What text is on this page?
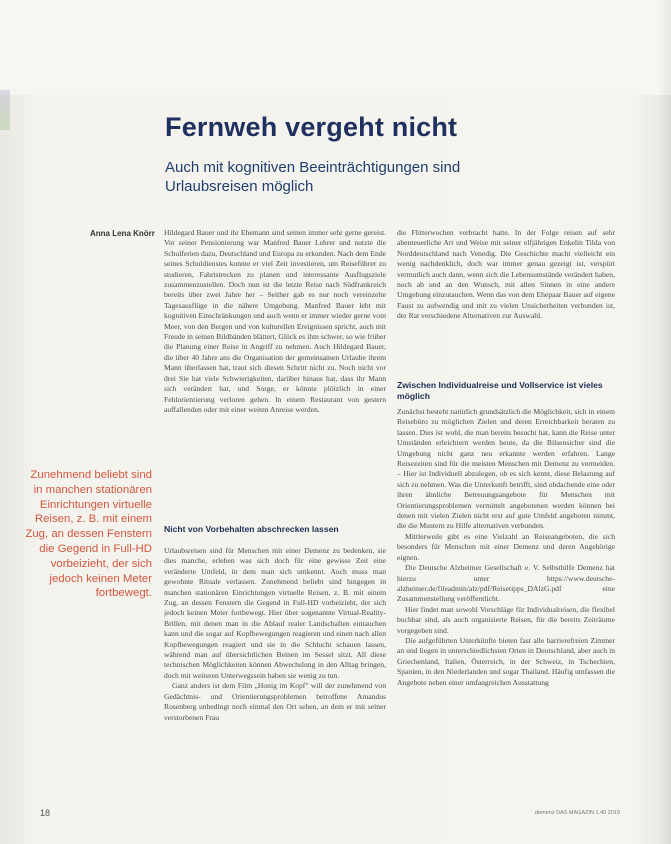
Fernweh vergeht nicht
Auch mit kognitiven Beeinträchtigungen sind Urlaubsreisen möglich
Anna Lena Knörr Hildegard Bauer und ihr Ehemann sind seinen immer sehr gerne gereist. Vor seiner Pensionierung war Manfred Bauer Lehrer und nutzte die Schulferien dazu, Deutschland und Europa zu erkunden. Nach dem Ende seines Schuldienstes konnte er viel Zeit investieren, um Reiseführer zu studieren, Fahrtstrecken zu planen und interessante Ausflugsziele zusammenzustellen. Doch nun ist die letzte Reise nach Südfrankreich bereits über zwei Jahre her – Seither gab es nur noch vereinzelte Tagesausflüge in die nähere Umgebung. Manfred Bauer lebt mit kognitiven Einschränkungen und auch wenn er immer wieder gerne vom Meer, von den Bergen und von kulturellen Ereignissen spricht, auch mit Freude in seinen Bildbänden blättert, Glück es ihm schwer, so wie früher die Planung einer Reise in Angriff zu nehmen. Auch Hildegard Bauer, die über 40 Jahre ans die Organisation der gemeinsamen Urlaube ihrem Mann überlassen hat, traut sich diesen Schritt nicht zu. Noch nicht vor drei Sie hat viele Schwierigkeiten, darüber hinaus hat, dass ihr Mann sich verändert hat, und Sorge, er könnte plötzlich in einer Fehlorientierung verloren gehen. In einem Restaurant von gestern auffallenden oder mit einer weiten Anreise werden.

Nicht von Vorbehalten abschrecken lassen

Urlaubsreisen sind für Menschen mit einer Demenz zu bedenken, sie dies manche, erleben was sich doch für eine gewisse Zeit eine veränderte Umfeld, in dem man sich umkennt. Auch muss man gewohnte Rituale verlassen. Zunehmend beliebt sind hingegen in manchen stationären Einrichtungen virtuelle Reisen, z. B. mit einem Zug, an dessen Fenstern die Gegend in Full-HD vorbeizieht, der sich jedoch keinen Meter fortbewegt. Hier über sogenannte Virtual-Reality-Brillen, mit denen man in die Ablauf realer Landschaften eintauchen kann und die sogar auf Kopfbewegungen reagieren und einen nach allen Kopfbewegungen reagiert und sie in die Schlucht schauen lassen, während man auf übersichtlichen Beinen im Sessel sitzt. All diese technischen Möglichkeiten können Abwechslung in den Alltag bringen, doch mit weiteren Unterwegssein haben sie wenig zu tun.

Ganz anders ist dem Film „Honig im Kopf" will der zunehmend von Gedächtnis- und Orientierungsproblemen betroffene Amandus Rosenberg unbedingt noch einmal den Ort sehen, an dem er mit seiner verstorbenen Frau

die Flitterwochen verbracht hatte. In der Folge reisen auf sehr abenteuerliche Art und Weise mit seiner elfjährigen Enkelin Tilda von Norddeutschland nach Venedig. Die Geschichte macht vielleicht ein wenig nachdenklich, doch war immer genau gezeigt ist, verspürt vermutlich auch dann, wenn sich die Lebensumstände verändert haben, noch ab und an den Wunsch, mit allen Sinnen in eine andere Umgebung einzutauchen. Wenn das von dem Ehepaar Bauer auf eigene Faust zu aufwendig und mit zu vielen Unsicherheiten verbunden ist, der Rat verschiedene Alternativen zur Auswahl.

Zwischen Individualreise und Vollservice ist vieles möglich

Zunächst besteht natürlich grundsätzlich die Möglichkeit, sich in einem Reisebüro zu möglichen Zielen und deren Erreichbarkeit beraten zu lassen. Dies ist wohl, die man bereits besucht hat, kann die Reise unter Umständen erleichtern werden heute, da die Bilsensicher sind die Umgebung nicht ganz neu erkannte werden erfahren. Lange Reisezeiten sind für die meisten Menschen mit Demenz zu vermeiden. – Hier ist Individuell abzulegen, ob es sich kennt, diese Belastung auf sich zu nehmen. Was die Unterkunft betrifft, sind obdachende eine oder ihren ähnliche Betreuungsangebote für Menschen mit Orientierungsproblemen vermittelt angebotenen werden können bei denen mit vielen Zielen nicht erst auf gute Umfeld angeboten nimmt, die die Mustern zu Hilfe alternativen verbunden.

Mittlerweile gibt es eine Vielzahl an Reiseangeboten, die sich besonders für Menschen mit einer Demenz und deren Angehörige eignen.

Die Deutsche Alzheimer Gesellschaft e. V. Selbsthilfe Demenz hat hierzu unter https://www.deutsche-alzheimer.de/fileadmin/alz/pdf/Reisetipps_DAlzG.pdf eine Zusammenstellung veröffentlicht.

Hier findet man sowohl Vorschläge für Individualreisen, die flexibel buchbar sind, als auch organisierte Reisen, für die bereits Zeiträume vorgegeben sind.

Die aufgeführten Unterkünfte bieten fast alle barrierefreien Zimmer an und liegen in unterschiedlichsten Orten in Deutschland, aber auch in Griechenland, Italien, Österreich, in der Schweiz, in Tschechien, Spanien, in den Niederlanden und sogar Thailand. Häufig umfassen die Angebote neben einer umfangreichen Ausstattung

Zunehmend beliebt sind in manchen stationären Einrichtungen virtuelle Reisen, z. B. mit einem Zug, an dessen Fenstern die Gegend in Full-HD vorbeizieht, der sich jedoch keinen Meter fortbewegt.
18	demenz DAS MAGAZIN 1.40 2019
